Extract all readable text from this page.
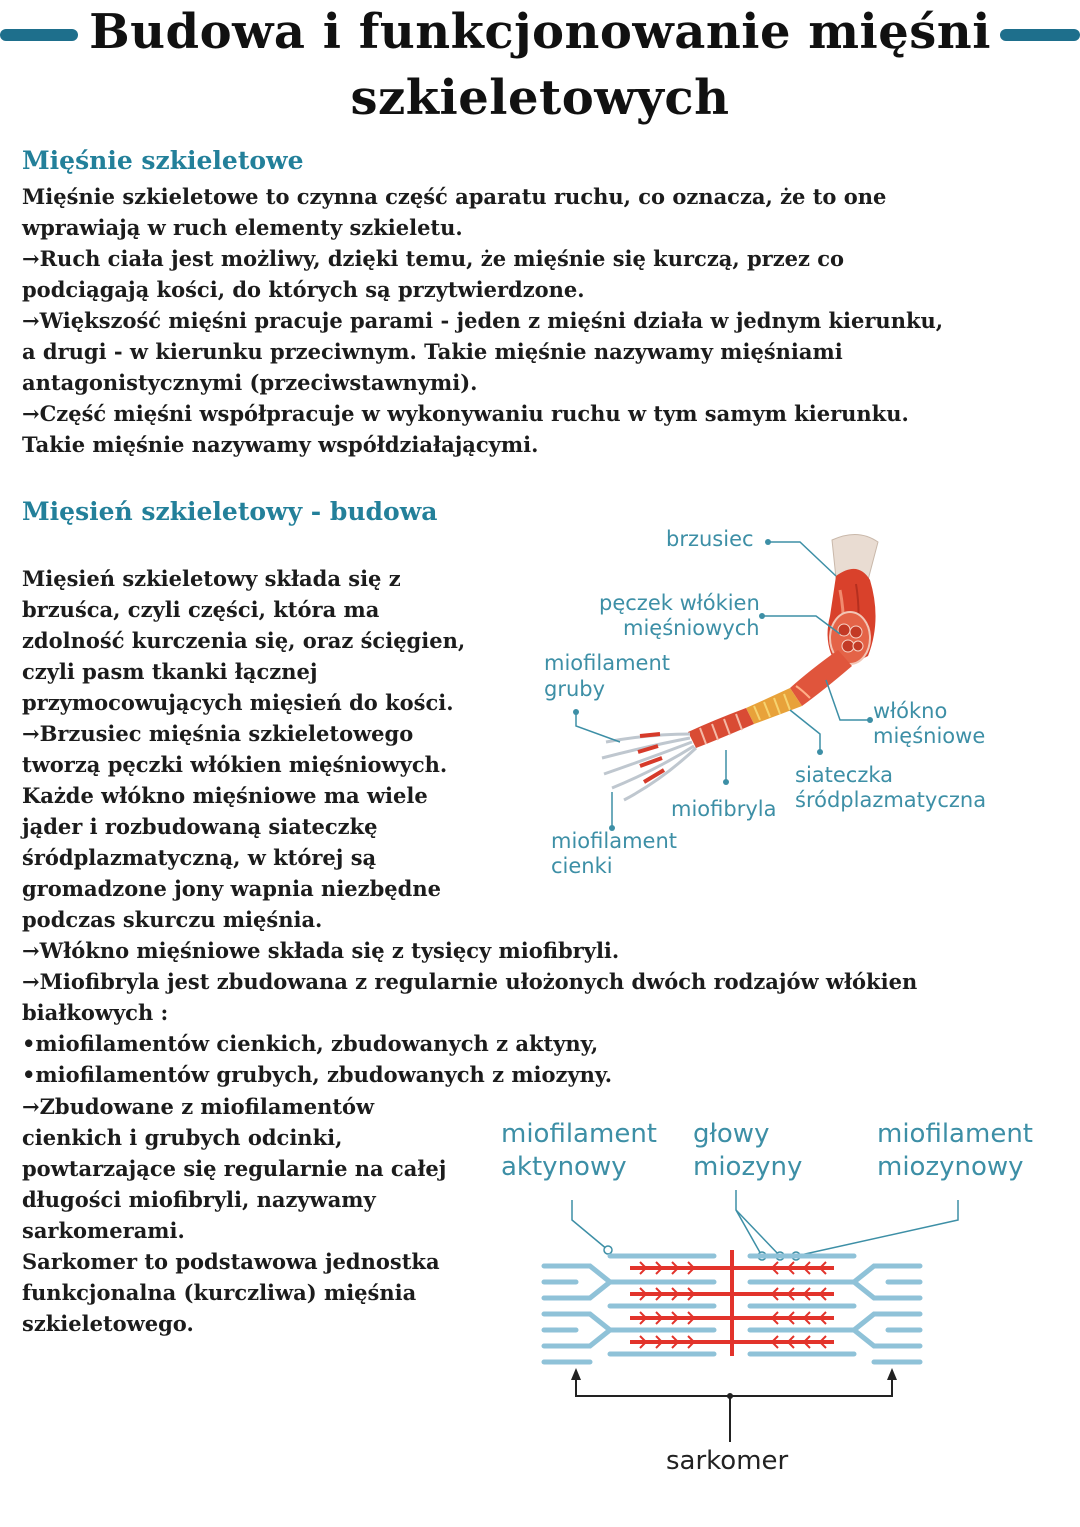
Budowa i funkcjonowanie mięśni
szkieletowych
Mięśnie szkieletowe

Mięśnie szkieletowe to czynna część aparatu ruchu, co oznacza, że to one

wprawiają w ruch elementy szkieletu.

→Ruch ciała jest możliwy, dzięki temu, że mięśnie się kurczą, przez co

podciągają kości, do których są przytwierdzone.

→Większość mięśni pracuje parami - jeden z mięśni działa w jednym kierunku,

a drugi - w kierunku przeciwnym. Takie mięśnie nazywamy mięśniami

antagonistycznymi (przeciwstawnymi).

→Część mięśni współpracuje w wykonywaniu ruchu w tym samym kierunku.

Takie mięśnie nazywamy współdziałającymi.

Mięsień szkieletowy - budowa

Mięsień szkieletowy składa się z

brzuśca, czyli części, która ma

zdolność kurczenia się, oraz ścięgien,

czyli pasm tkanki łącznej

przymocowujących mięsień do kości.

→Brzusiec mięśnia szkieletowego

tworzą pęczki włókien mięśniowych.

Każde włókno mięśniowe ma wiele

jąder i rozbudowaną siateczkę

śródplazmatyczną, w której są

gromadzone jony wapnia niezbędne

podczas skurczu mięśnia.

→Włókno mięśniowe składa się z tysięcy miofibryli.

→Miofibryla jest zbudowana z regularnie ułożonych dwóch rodzajów włókien

białkowych :

•miofilamentów cienkich, zbudowanych z aktyny,

•miofilamentów grubych, zbudowanych z miozyny.

→Zbudowane z miofilamentów

cienkich i grubych odcinki,

powtarzające się regularnie na całej

długości miofibryli, nazywamy

sarkomerami.

Sarkomer to podstawowa jednostka

funkcjonalna (kurczliwa) mięśnia

szkieletowego.

brzusiec
pęczek włókien
mięśniowych
miofilament
gruby
włókno
mięśniowe
siateczka
śródplazmatyczna
miofibryla
miofilament
cienki
miofilament
aktynowy
głowy
miozyny
miofilament
miozynowy
sarkomer
